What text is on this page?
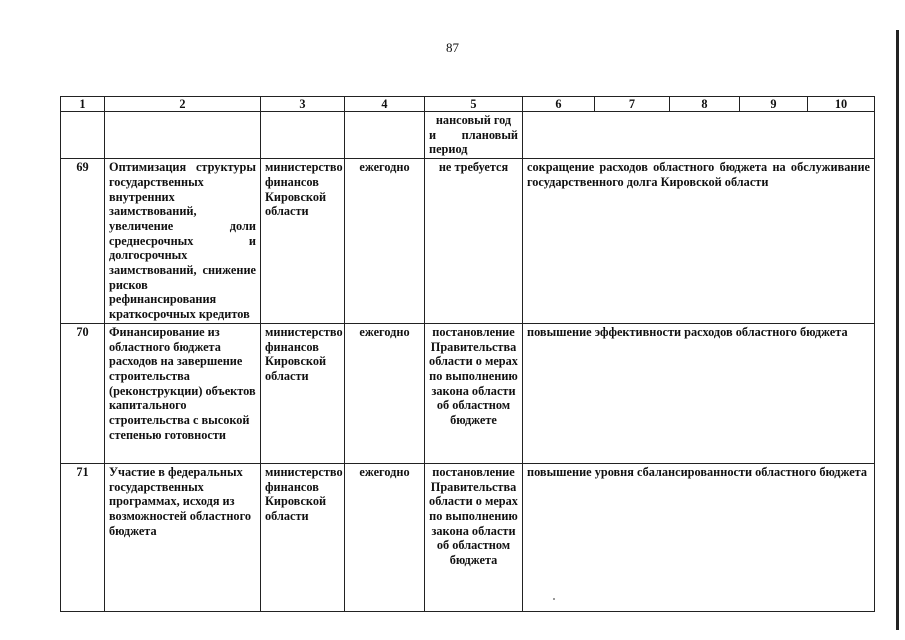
87
1	2	3	4	5	6	7	8	9	10

				нансовый год
и плановый
период					

69	Оптимизация структуры государственных внутренних заимствований, увеличение доли среднесрочных и долгосрочных заимствований, снижение рисков рефинансирования краткосрочных кредитов	министерство финансов Кировской области	ежегодно	не требуется	сокращение расходов областного бюджета на обслуживание государственного долга Кировской области				
70	Финансирование из областного бюджета расходов на завершение строительства (реконструкции) объектов капитального строительства с высокой степенью готовности	министерство финансов Кировской области	ежегодно	постановление Правительства области о мерах по выполнению закона области об областном бюджете	повышение эффективности расходов областного бюджета				
71	Участие в федеральных государственных программах, исходя из возможностей областного бюджета	министерство финансов Кировской области	ежегодно	постановление Правительства области о мерах по выполнению закона области об областном бюджета	повышение уровня сбалансированности областного бюджета				
